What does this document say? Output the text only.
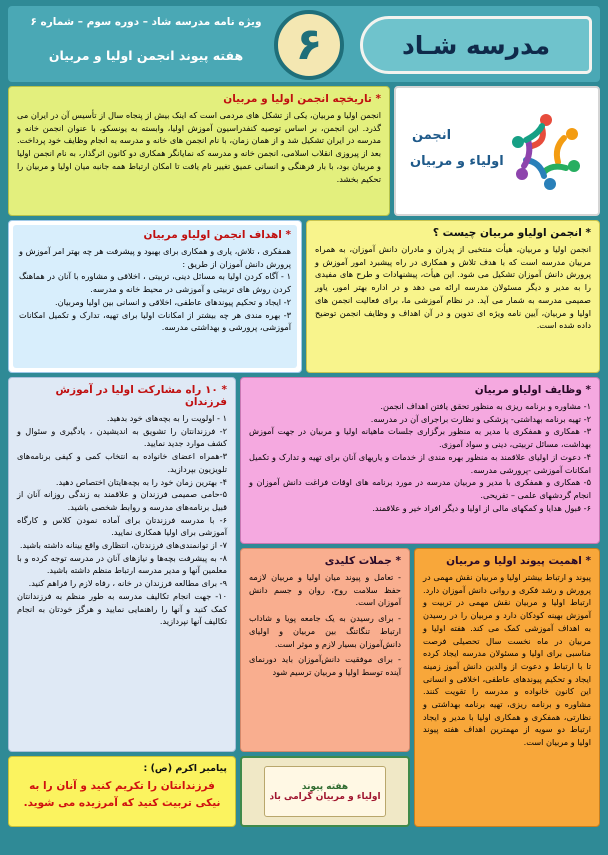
مدرسه شـاد
۶
ویژه نامه مدرسه شاد – دوره سوم – شماره ۶
هفته پیوند انجمن اولیا و مربیان
انجمن
اولیاء و مربیان
* تاریخچه انجمن اولیا و مربیان

انجمن اولیا و مربیان، یکی از تشکل های مردمی است که اینک بیش از پنجاه سال از تأسیس آن در ایران می گذرد. این انجمن، بر اساس توصیه کنفدراسیون آموزش اولیا، وابسته به یونسکو، با عنوان انجمن خانه و مدرسه در ایران تشکیل شد و از همان زمان، با نام انجمن های خانه و مدرسه به انجام وظایف خود پرداخت. بعد از پیروزی انقلاب اسلامی، انجمن خانه و مدرسه که نمایانگر همکاری دو کانون اثرگذار، به نام انجمن اولیا و مربیان بود، با بار فرهنگی و انسانی عمیق تغییر نام یافت تا امکان ارتباط همه جانبه میان اولیا و مربیان را تحکیم بخشد.

* انجمن اولیاو مربیان چیست ؟

انجمن اولیا و مربیان، هیأت منتخبی از پدران و مادران دانش آموزان، به همراه مربیان مدرسه است که با هدف تلاش و همکاری در راه پیشبرد امور آموزش و پرورش دانش آموزان تشکیل می شود. این هیأت، پیشنهادات و طرح های مفیدی را به مدیر و دیگر مسئولان مدرسه ارائه می دهد و در اداره بهتر امور، یاور صمیمی مدرسه به شمار می آید. در نظام آموزشی ما، برای فعالیت انجمن های اولیا و مربیان، آیین نامه ویژه ای تدوین و در آن اهداف و وظایف انجمن توضیح داده شده است.

* اهداف انجمن اولیاو مربیان

همفکری ، تلاش، یاری و همکاری برای بهبود و پیشرفت هر چه بهتر امر آموزش و پرورش دانش آموزان از طریق :

۱ - آگاه کردن اولیا به مسائل دینی، تربیتی ، اخلاقی و مشاوره با آنان در هماهنگ کردن روش های تربیتی و آموزشی در محیط خانه و مدرسه.
۲- ایجاد و تحکیم پیوندهای عاطفی، اخلاقی و انسانی بین اولیا ومربیان.
۳- بهره مندی هر چه بیشتر از امکانات اولیا برای تهیه، تدارک و تکمیل امکانات آموزشی، پرورشی و بهداشتی مدرسه.
* ۱۰ راه مشارکت اولیا در آموزش فرزندان
۱ - اولویت را به بچه‌های خود بدهید.
۲- فرزندانتان را تشویق به اندیشیدن ، یادگیری و سئوال و کشف موارد جدید نمایید.
۳-همراه اعضای خانواده به انتخاب کمی و کیفی برنامه‌های تلویزیون بپردازید.
۴- بهترین زمان خود را به بچه‌هایتان اختصاص دهید.
۵-حامی صمیمی فرزندان و علاقمند به زندگی روزانه آنان از قبیل برنامه‌های مدرسه و روابط شخصی باشید.
۶- با مدرسه فرزندتان برای آماده نمودن کلاس و کارگاه آموزشی برای اولیا همکاری نمایید.
۷- از توانمندی‌های فرزندتان، انتظاری واقع بینانه داشته باشید.
۸- به پیشرفت بچه‌ها و نیازهای آنان در مدرسه توجه کرده و با معلمین آنها و مدیر مدرسه ارتباط منظم داشته باشید.
۹- برای مطالعه فرزندان در خانه ، رفاه لازم را فراهم کنید.
۱۰- جهت انجام تکالیف مدرسه به طور منظم به فرزندانتان کمک کنید و آنها را راهنمایی نمایید و هرگز خودتان به انجام تکالیف آنها نپردازید.
* وظایف اولیاو مربیان
۱- مشاوره و برنامه ریزی به منظور تحقق یافتن اهداف انجمن.
۲- تهیه برنامه بهداشتی- پزشکی و نظارت براجرای آن در مدرسه.
۳- همکاری و همفکری با مدیر به منظور برگزاری جلسات ماهیانه اولیا و مربیان در جهت آموزش بهداشت، مسائل تربیتی، دینی و سواد آموزی.
۴- دعوت از اولیای علاقمند به منظور بهره مندی از خدمات و یاریهای آنان برای تهیه و تدارک و تکمیل امکانات آموزشی -پرورشی مدرسه.
۵- همکاری و همفکری با مدیر و مربیان مدرسه در مورد برنامه های اوقات فراغت دانش آموزان و انجام گردشهای علمی – تفریحی.
۶- قبول هدایا و کمکهای مالی از اولیا و دیگر افراد خیر و علاقمند.
* جملات کلیدی
- تعامل و پیوند میان اولیا و مربیان لازمه حفظ سلامت روح، روان و جسم دانش آموزان است.
- برای رسیدن به یک جامعه پویا و شاداب ارتباط تنگاتنگ بین مربیان و اولیای دانش‌آموزان بسیار لازم و موثر است.
- برای موفقیت دانش‌آموزان باید دورنمای آینده توسط اولیا و مربیان ترسیم شود
* اهمیت پیوند اولیا و مربیان

پیوند و ارتباط بیشتر اولیا و مربیان نقش مهمی در پرورش و رشد فکری و روانی دانش آموزان دارد. ارتباط اولیا و مربیان نقش مهمی در تربیت و آموزش بهینه کودکان دارد و مربیان را در رسیدن به اهداف آموزشی کمک می کند. هفته اولیا و مربیان در ماه نخست سال تحصیلی فرصت مناسبی برای اولیا و مسئولان مدرسه ایجاد کرده تا با ارتباط و دعوت از والدین دانش آموز زمینه ایجاد و تحکیم پیوندهای عاطفی، اخلاقی و انسانی این کانون خانواده و مدرسه را تقویت کنند. مشاوره و برنامه ریزی، تهیه برنامه بهداشتی و نظارتی، همفکری و همکاری اولیا با مدیر و ایجاد ارتباط دو سویه از مهمترین اهداف هفته پیوند اولیا و مربیان است.

پیامبر اکرم (ص) :

فرزندانتان را تکریم کنید و آنان را به نیکی تربیت کنید که آمرزیده می شوید.

هفته پیوند
اولیاء و مربیان گرامی باد
